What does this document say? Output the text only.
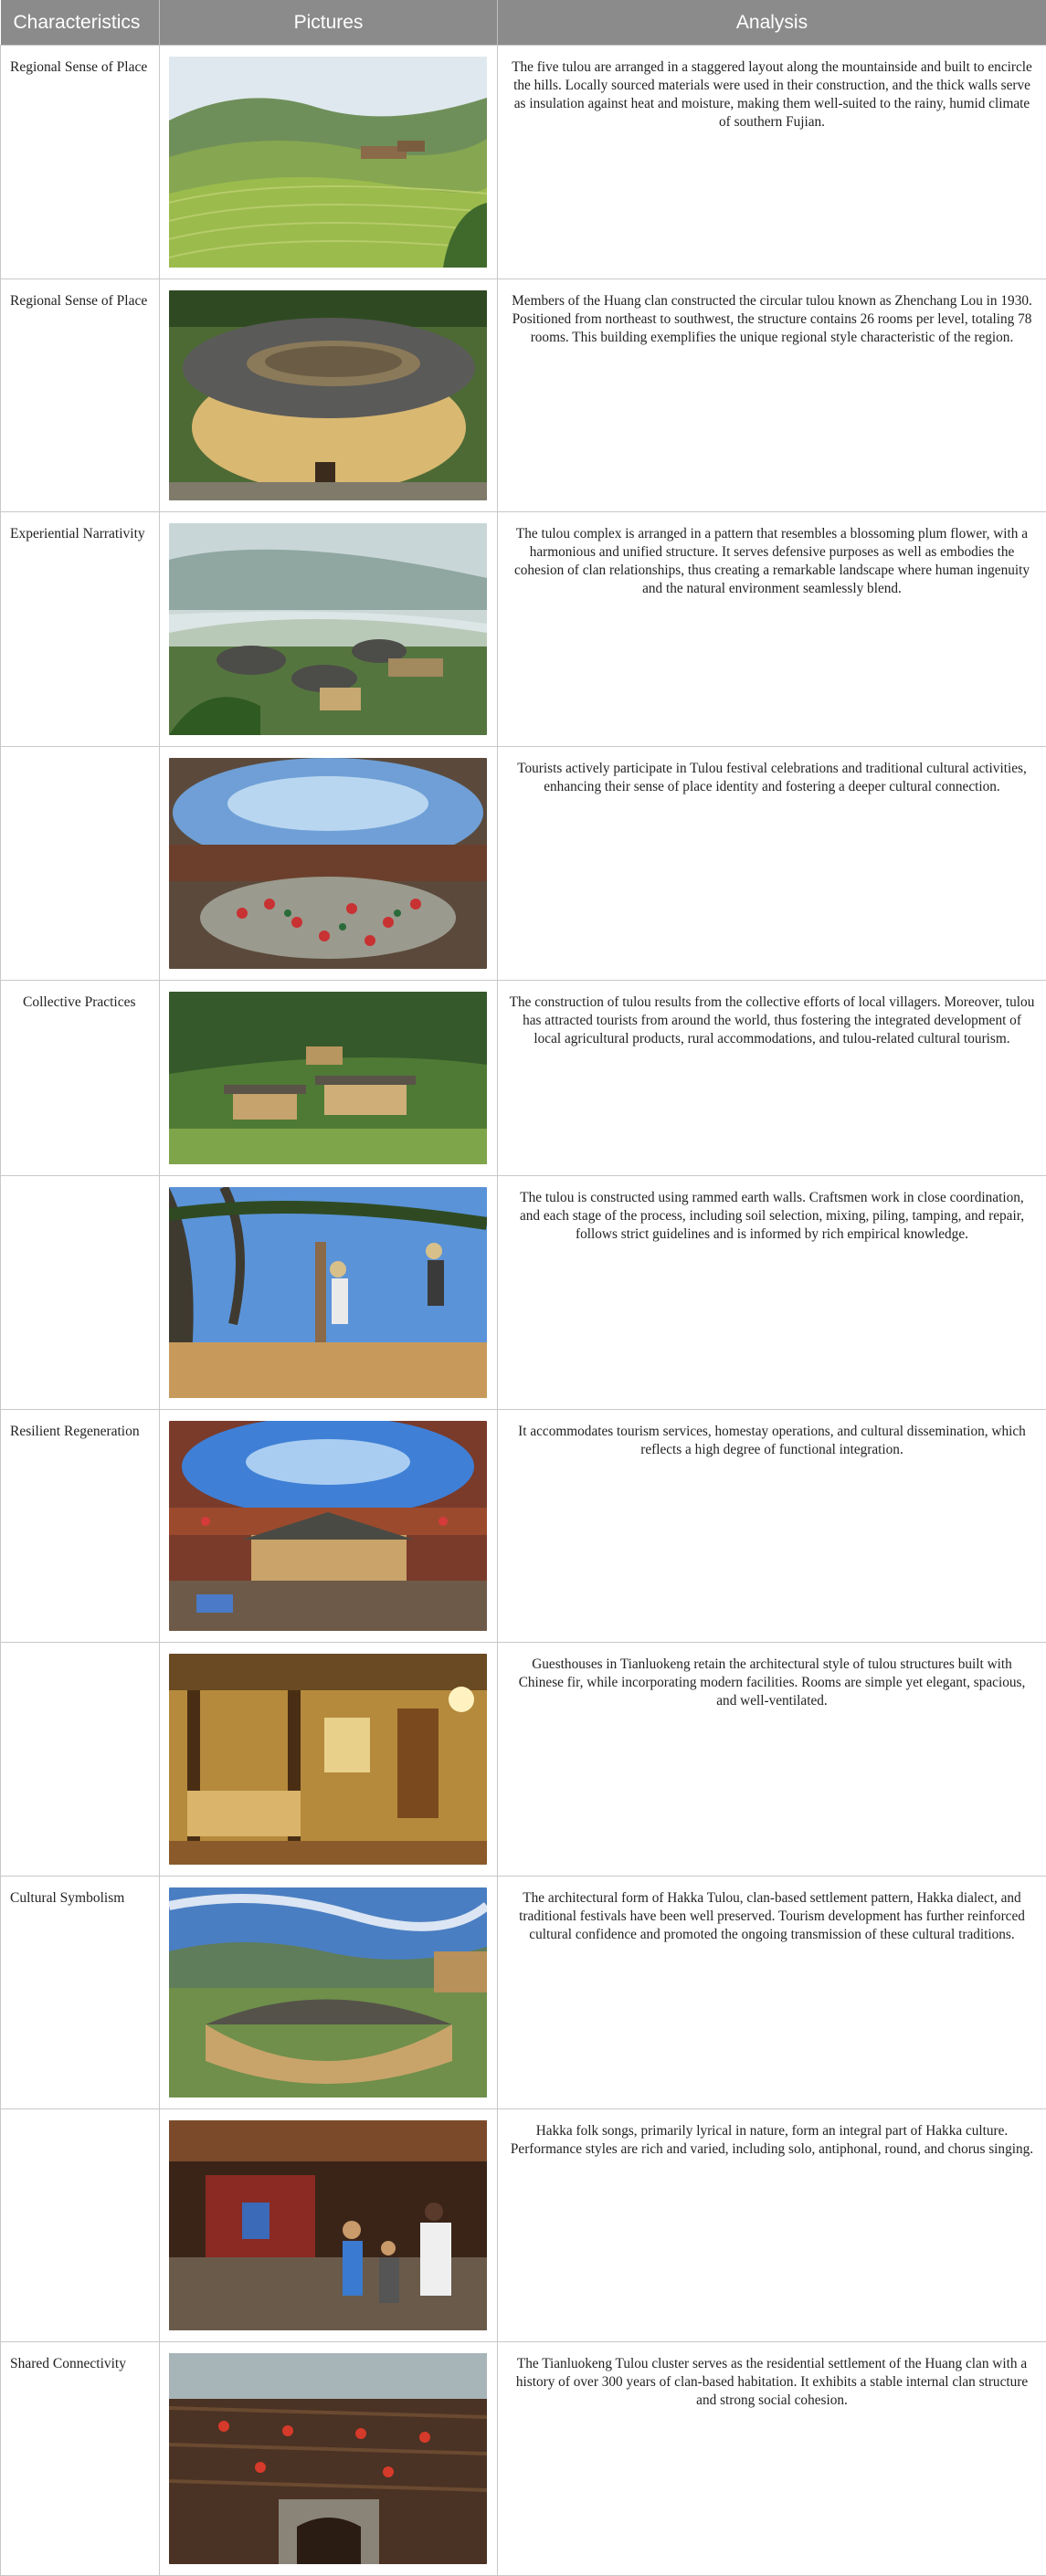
Characteristics	Pictures	Analysis
Regional Sense of Place		The five tulou are arranged in a staggered layout along the mountainside and built to encircle the hills. Locally sourced materials were used in their construction, and the thick walls serve as insulation against heat and moisture, making them well-suited to the rainy, humid climate of southern Fujian.
Regional Sense of Place		Members of the Huang clan constructed the circular tulou known as Zhenchang Lou in 1930. Positioned from northeast to southwest, the structure contains 26 rooms per level, totaling 78 rooms. This building exemplifies the unique regional style characteristic of the region.
Experiential Narrativity		The tulou complex is arranged in a pattern that resembles a blossoming plum flower, with a harmonious and unified structure. It serves defensive purposes as well as embodies the cohesion of clan relationships, thus creating a remarkable landscape where human ingenuity and the natural environment seamlessly blend.

	Tourists actively participate in Tulou festival celebrations and traditional cultural activities, enhancing their sense of place identity and fostering a deeper cultural connection.
Collective Practices		The construction of tulou results from the collective efforts of local villagers. Moreover, tulou has attracted tourists from around the world, thus fostering the integrated development of local agricultural products, rural accommodations, and tulou-related cultural tourism.

	The tulou is constructed using rammed earth walls. Craftsmen work in close coordination, and each stage of the process, including soil selection, mixing, piling, tamping, and repair, follows strict guidelines and is informed by rich empirical knowledge.
Resilient Regeneration		It accommodates tourism services, homestay operations, and cultural dissemination, which reflects a high degree of functional integration.

	Guesthouses in Tianluokeng retain the architectural style of tulou structures built with Chinese fir, while incorporating modern facilities. Rooms are simple yet elegant, spacious, and well-ventilated.
Cultural Symbolism		The architectural form of Hakka Tulou, clan-based settlement pattern, Hakka dialect, and traditional festivals have been well preserved. Tourism development has further reinforced cultural confidence and promoted the ongoing transmission of these cultural traditions.

	Hakka folk songs, primarily lyrical in nature, form an integral part of Hakka culture. Performance styles are rich and varied, including solo, antiphonal, round, and chorus singing.
Shared Connectivity		The Tianluokeng Tulou cluster serves as the residential settlement of the Huang clan with a history of over 300 years of clan-based habitation. It exhibits a stable internal clan structure and strong social cohesion.
